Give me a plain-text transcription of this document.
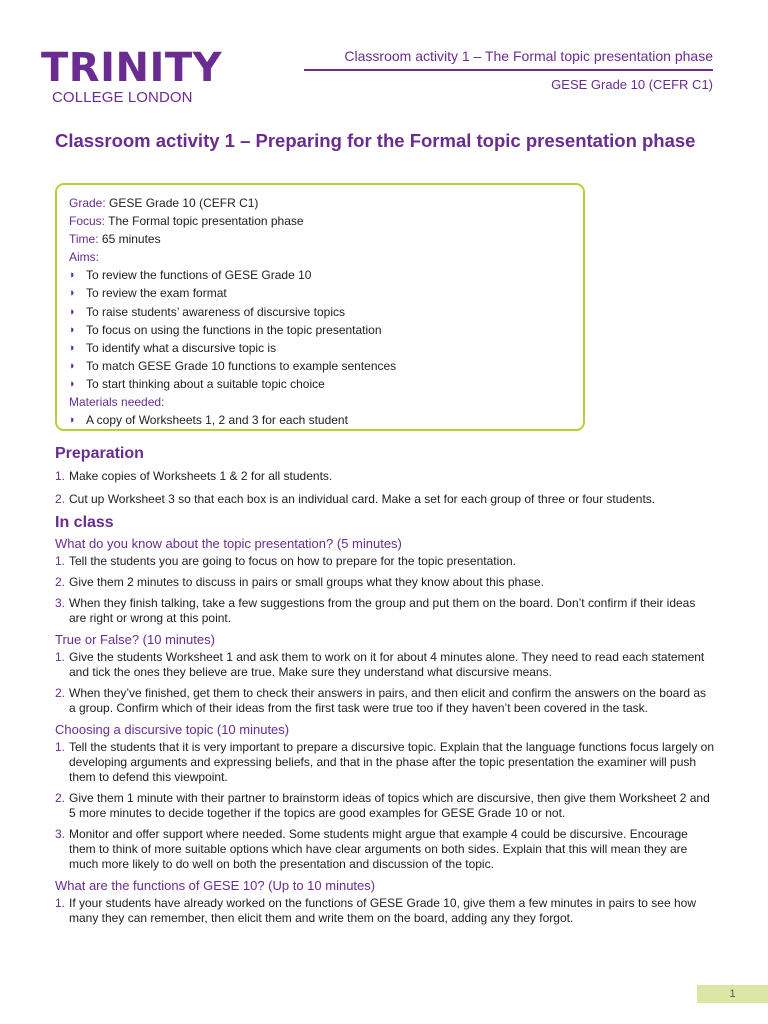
TRINITY
COLLEGE LONDON
Classroom activity 1 – The Formal topic presentation phase
GESE Grade 10 (CEFR C1)
Classroom activity 1 – Preparing for the Formal topic presentation phase
Grade: GESE Grade 10 (CEFR C1)
Focus: The Formal topic presentation phase
Time: 65 minutes
Aims:
◗ To review the functions of GESE Grade 10
◗ To review the exam format
◗ To raise students’ awareness of discursive topics
◗ To focus on using the functions in the topic presentation
◗ To identify what a discursive topic is
◗ To match GESE Grade 10 functions to example sentences
◗ To start thinking about a suitable topic choice
Materials needed:
◗ A copy of Worksheets 1, 2 and 3 for each student
Preparation
1. Make copies of Worksheets 1 & 2 for all students.
2. Cut up Worksheet 3 so that each box is an individual card. Make a set for each group of three or four students.
In class
What do you know about the topic presentation? (5 minutes)
1. Tell the students you are going to focus on how to prepare for the topic presentation.
2. Give them 2 minutes to discuss in pairs or small groups what they know about this phase.
3. When they finish talking, take a few suggestions from the group and put them on the board. Don’t confirm if their ideas are right or wrong at this point.
True or False? (10 minutes)
1. Give the students Worksheet 1 and ask them to work on it for about 4 minutes alone. They need to read each statement and tick the ones they believe are true. Make sure they understand what discursive means.
2. When they’ve finished, get them to check their answers in pairs, and then elicit and confirm the answers on the board as a group. Confirm which of their ideas from the first task were true too if they haven’t been covered in the task.
Choosing a discursive topic (10 minutes)
1. Tell the students that it is very important to prepare a discursive topic. Explain that the language functions focus largely on developing arguments and expressing beliefs, and that in the phase after the topic presentation the examiner will push them to defend this viewpoint.
2. Give them 1 minute with their partner to brainstorm ideas of topics which are discursive, then give them Worksheet 2 and 5 more minutes to decide together if the topics are good examples for GESE Grade 10 or not.
3. Monitor and offer support where needed. Some students might argue that example 4 could be discursive. Encourage them to think of more suitable options which have clear arguments on both sides. Explain that this will mean they are much more likely to do well on both the presentation and discussion of the topic.
What are the functions of GESE 10? (Up to 10 minutes)
1. If your students have already worked on the functions of GESE Grade 10, give them a few minutes in pairs to see how many they can remember, then elicit them and write them on the board, adding any they forgot.
1
